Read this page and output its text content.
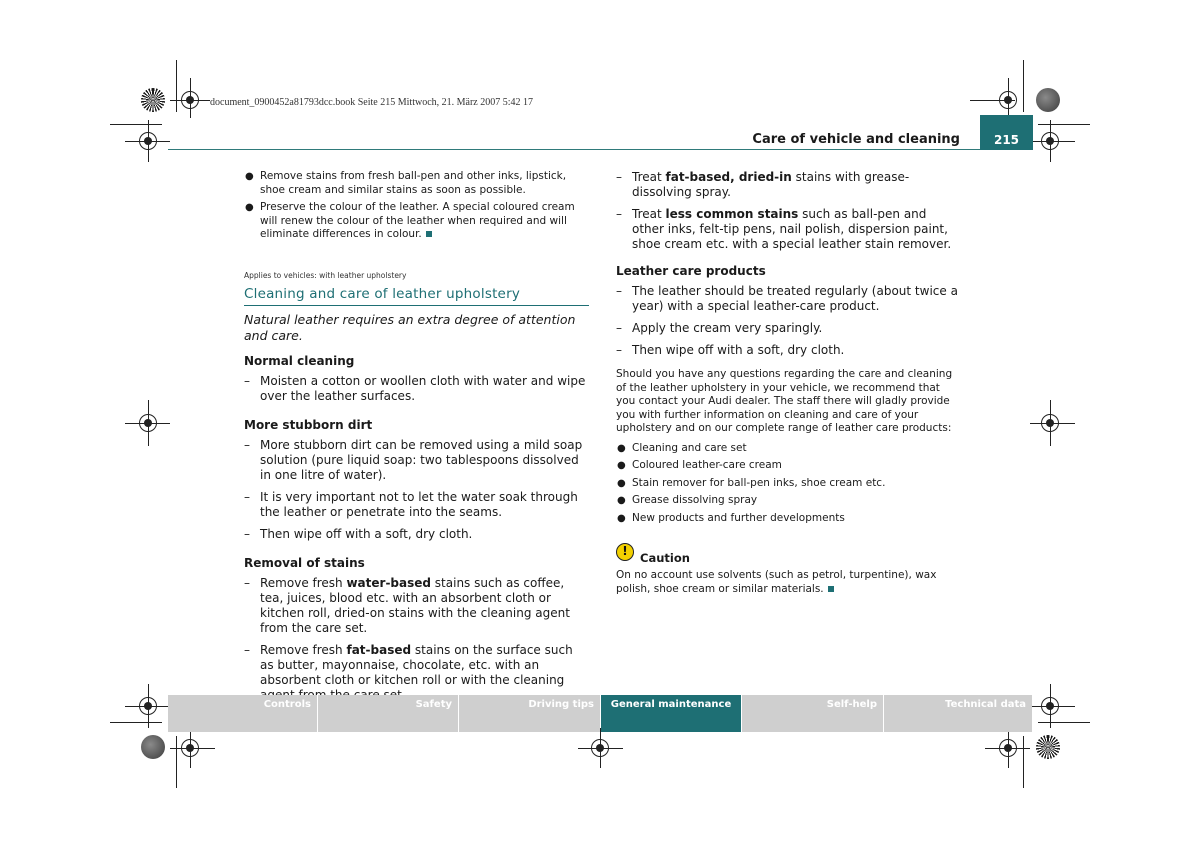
document_0900452a81793dcc.book Seite 215 Mittwoch, 21. März 2007 5:42 17
Care of vehicle and cleaning	215
● Remove stains from fresh ball-pen and other inks, lipstick, shoe cream and similar stains as soon as possible.
● Preserve the colour of the leather. A special coloured cream will renew the colour of the leather when required and will eliminate differences in colour.
Applies to vehicles: with leather upholstery
Cleaning and care of leather upholstery
Natural leather requires an extra degree of attention and care.
Normal cleaning
– Moisten a cotton or woollen cloth with water and wipe over the leather surfaces.
More stubborn dirt
– More stubborn dirt can be removed using a mild soap solution (pure liquid soap: two tablespoons dissolved in one litre of water).
– It is very important not to let the water soak through the leather or penetrate into the seams.
– Then wipe off with a soft, dry cloth.
Removal of stains
– Remove fresh water-based stains such as coffee, tea, juices, blood etc. with an absorbent cloth or kitchen roll, dried-on stains with the cleaning agent from the care set.
– Remove fresh fat-based stains on the surface such as butter, mayonnaise, chocolate, etc. with an absorbent cloth or kitchen roll or with the cleaning
– Treat fat-based, dried-in stains with grease-dissolving spray.
– Treat less common stains such as ball-pen and other inks, felt-tip pens, nail polish, dispersion paint, shoe cream etc. with a special leather stain remover.
Leather care products
– The leather should be treated regularly (about twice a year) with a special leather-care product.
– Apply the cream very sparingly.
– Then wipe off with a soft, dry cloth.
Should you have any questions regarding the care and cleaning of the leather upholstery in your vehicle, we recommend that you contact your Audi dealer. The staff there will gladly provide you with further information on cleaning and care of your upholstery and on our complete range of leather care products:
● Cleaning and care set
● Coloured leather-care cream
● Stain remover for ball-pen inks, shoe cream etc.
● Grease dissolving spray
● New products and further developments
! Caution
On no account use solvents (such as petrol, turpentine), wax polish, shoe cream or similar materials.
Controls	Safety	Driving tips	General maintenance	Self-help	Technical data
